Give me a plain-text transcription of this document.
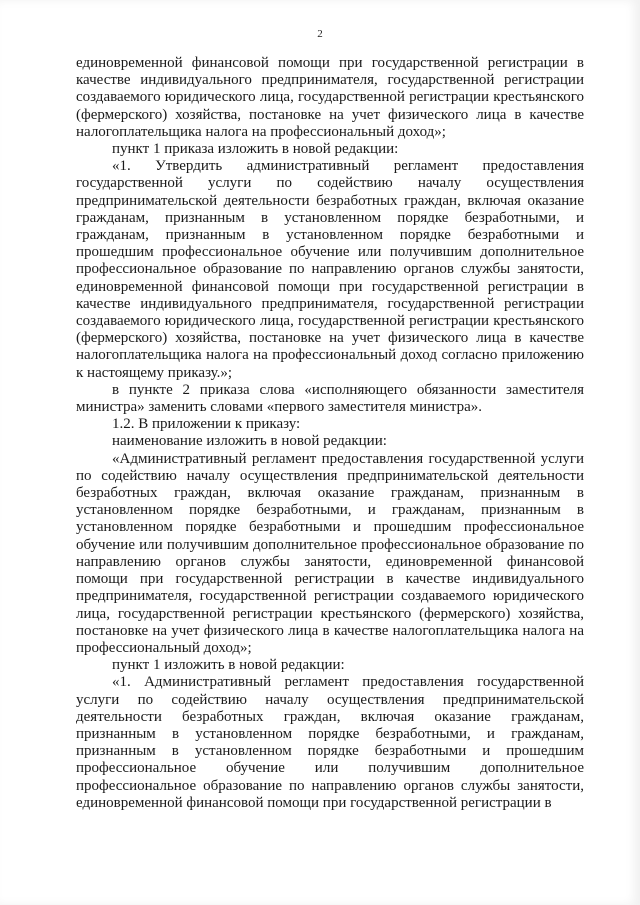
2

единовременной финансовой помощи при государственной регистрации в качестве индивидуального предпринимателя, государственной регистрации создаваемого юридического лица, государственной регистрации крестьянского (фермерского) хозяйства, постановке на учет физического лица в качестве налогоплательщика налога на профессиональный доход»;

пункт 1 приказа изложить в новой редакции:

«1. Утвердить административный регламент предоставления государственной услуги по содействию началу осуществления предпринимательской деятельности безработных граждан, включая оказание гражданам, признанным в установленном порядке безработными, и гражданам, признанным в установленном порядке безработными и прошедшим профессиональное обучение или получившим дополнительное профессиональное образование по направлению органов службы занятости, единовременной финансовой помощи при государственной регистрации в качестве индивидуального предпринимателя, государственной регистрации создаваемого юридического лица, государственной регистрации крестьянского (фермерского) хозяйства, постановке на учет физического лица в качестве налогоплательщика налога на профессиональный доход согласно приложению к настоящему приказу.»;

в пункте 2 приказа слова «исполняющего обязанности заместителя министра» заменить словами «первого заместителя министра».

1.2. В приложении к приказу:

наименование изложить в новой редакции:

«Административный регламент предоставления государственной услуги по содействию началу осуществления предпринимательской деятельности безработных граждан, включая оказание гражданам, признанным в установленном порядке безработными, и гражданам, признанным в установленном порядке безработными и прошедшим профессиональное обучение или получившим дополнительное профессиональное образование по направлению органов службы занятости, единовременной финансовой помощи при государственной регистрации в качестве индивидуального предпринимателя, государственной регистрации создаваемого юридического лица, государственной регистрации крестьянского (фермерского) хозяйства, постановке на учет физического лица в качестве налогоплательщика налога на профессиональный доход»;

пункт 1 изложить в новой редакции:

«1. Административный регламент предоставления государственной услуги по содействию началу осуществления предпринимательской деятельности безработных граждан, включая оказание гражданам, признанным в установленном порядке безработными, и гражданам, признанным в установленном порядке безработными и прошедшим профессиональное обучение или получившим дополнительное профессиональное образование по направлению органов службы занятости, единовременной финансовой помощи при государственной регистрации в
